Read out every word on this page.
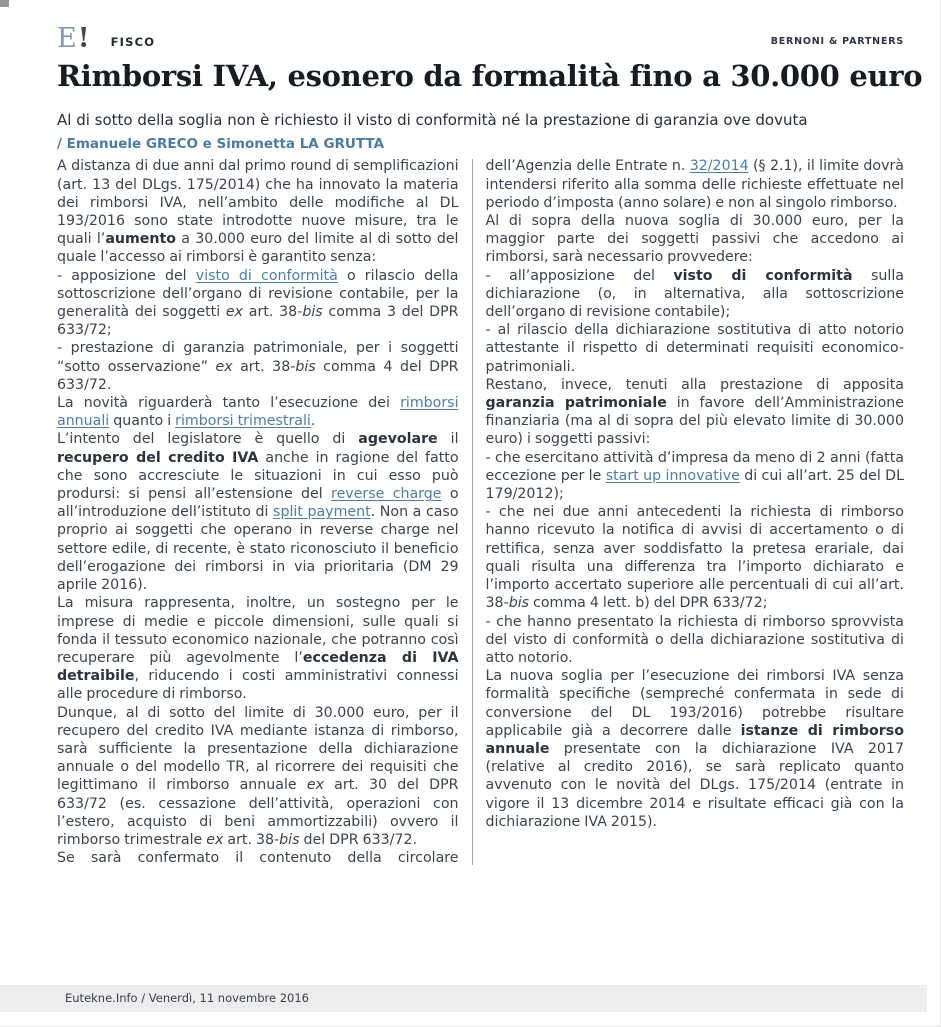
E! FISCO	BERNONI & PARTNERS
Rimborsi IVA, esonero da formalità fino a 30.000 euro
Al di sotto della soglia non è richiesto il visto di conformità né la prestazione di garanzia ove dovuta
/ Emanuele GRECO e Simonetta LA GRUTTA

A distanza di due anni dal primo round di semplificazioni (art. 13 del DLgs. 175/2014) che ha innovato la materia dei rimborsi IVA, nell’ambito delle modifiche al DL 193/2016 sono state introdotte nuove misure, tra le quali l’aumento a 30.000 euro del limite al di sotto del quale l’accesso ai rimborsi è garantito senza:

- apposizione del visto di conformità o rilascio della sottoscrizione dell’organo di revisione contabile, per la generalità dei soggetti ex art. 38-bis comma 3 del DPR 633/72;

- prestazione di garanzia patrimoniale, per i soggetti “sotto osservazione” ex art. 38-bis comma 4 del DPR 633/72.

La novità riguarderà tanto l’esecuzione dei rimborsi annuali quanto i rimborsi trimestrali.

L’intento del legislatore è quello di agevolare il recupero del credito IVA anche in ragione del fatto che sono accresciute le situazioni in cui esso può prodursi: si pensi all’estensione del reverse charge o all’introduzione dell’istituto di split payment. Non a caso proprio ai soggetti che operano in reverse charge nel settore edile, di recente, è stato riconosciuto il beneficio dell’erogazione dei rimborsi in via prioritaria (DM 29 aprile 2016).

La misura rappresenta, inoltre, un sostegno per le imprese di medie e piccole dimensioni, sulle quali si fonda il tessuto economico nazionale, che potranno così recuperare più agevolmente l’eccedenza di IVA detraibile, riducendo i costi amministrativi connessi alle procedure di rimborso.

Dunque, al di sotto del limite di 30.000 euro, per il recupero del credito IVA mediante istanza di rimborso, sarà sufficiente la presentazione della dichiarazione annuale o del modello TR, al ricorrere dei requisiti che legittimano il rimborso annuale ex art. 30 del DPR 633/72 (es. cessazione dell’attività, operazioni con l’estero, acquisto di beni ammortizzabili) ovvero il rimborso trimestrale ex art. 38-bis del DPR 633/72.

Se sarà confermato il contenuto della circolare

dell’Agenzia delle Entrate n. 32/2014 (§ 2.1), il limite dovrà intendersi riferito alla somma delle richieste effettuate nel periodo d’imposta (anno solare) e non al singolo rimborso.

Al di sopra della nuova soglia di 30.000 euro, per la maggior parte dei soggetti passivi che accedono ai rimborsi, sarà necessario provvedere:

- all’apposizione del visto di conformità sulla dichiarazione (o, in alternativa, alla sottoscrizione dell’organo di revisione contabile);

- al rilascio della dichiarazione sostitutiva di atto notorio attestante il rispetto di determinati requisiti economico-patrimoniali.

Restano, invece, tenuti alla prestazione di apposita garanzia patrimoniale in favore dell’Amministrazione finanziaria (ma al di sopra del più elevato limite di 30.000 euro) i soggetti passivi:

- che esercitano attività d’impresa da meno di 2 anni (fatta eccezione per le start up innovative di cui all’art. 25 del DL 179/2012);

- che nei due anni antecedenti la richiesta di rimborso hanno ricevuto la notifica di avvisi di accertamento o di rettifica, senza aver soddisfatto la pretesa erariale, dai quali risulta una differenza tra l’importo dichiarato e l’importo accertato superiore alle percentuali di cui all’art. 38-bis comma 4 lett. b) del DPR 633/72;

- che hanno presentato la richiesta di rimborso sprovvista del visto di conformità o della dichiarazione sostitutiva di atto notorio.

La nuova soglia per l’esecuzione dei rimborsi IVA senza formalità specifiche (sempreché confermata in sede di conversione del DL 193/2016) potrebbe risultare applicabile già a decorrere dalle istanze di rimborso annuale presentate con la dichiarazione IVA 2017 (relative al credito 2016), se sarà replicato quanto avvenuto con le novità del DLgs. 175/2014 (entrate in vigore il 13 dicembre 2014 e risultate efficaci già con la dichiarazione IVA 2015).

Eutekne.Info / Venerdì, 11 novembre 2016
